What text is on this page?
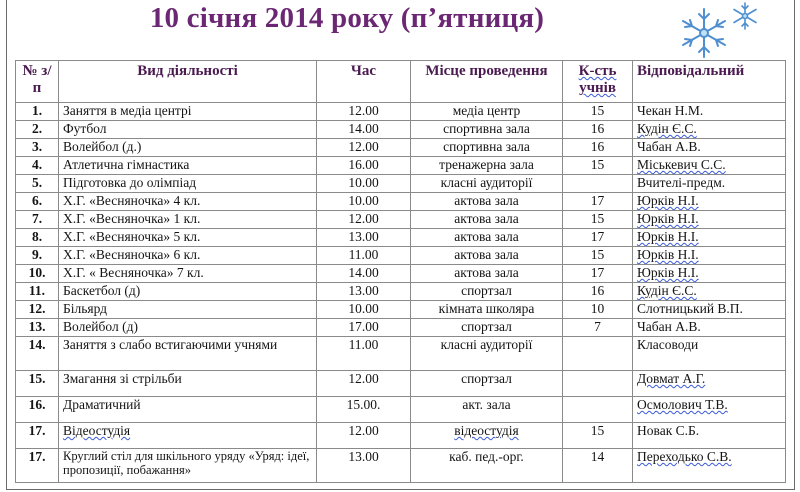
10 січня 2014 року (п’ятниця)
№ з/п	Вид діяльності	Час	Місце проведення	К-сть учнів	Відповідальний
1.	Заняття в медіа центрі	12.00	медіа центр	15	Чекан Н.М.
2.	Футбол	14.00	спортивна зала	16	Кудін Є.С.
3.	Волейбол (д.)	12.00	спортивна зала	16	Чабан А.В.
4.	Атлетична гімнастика	16.00	тренажерна зала	15	Міськевич С.С.
5.	Підготовка до олімпіад	10.00	класні аудиторії		Вчителі-предм.
6.	Х.Г. «Весняночка» 4 кл.	10.00	актова зала	17	Юрків Н.І.
7.	Х.Г. «Весняночка» 1 кл.	12.00	актова зала	15	Юрків Н.І.
8.	Х.Г. «Весняночка» 5 кл.	13.00	актова зала	17	Юрків Н.І.
9.	Х.Г. «Весняночка» 6 кл.	11.00	актова зала	15	Юрків Н.І.
10.	Х.Г. « Весняночка» 7 кл.	14.00	актова зала	17	Юрків Н.І.
11.	Баскетбол (д)	13.00	спортзал	16	Кудін Є.С.
12.	Більярд	10.00	кімната школяра	10	Слотницький В.П.
13.	Волейбол (д)	17.00	спортзал	7	Чабан А.В.
14.	Заняття з слабо встигаючими учнями	11.00	класні аудиторії		Класоводи
15.	Змагання зі стрільби	12.00	спортзал		Довмат А.Г.
16.	Драматичний	15.00.	акт. зала		Осмолович Т.В.
17.	Відеостудія	12.00	відеостудія	15	Новак С.Б.
17.	Круглий стіл для шкільного уряду «Уряд: ідеї, пропозиції, побажання»	13.00	каб. пед.-орг.	14	Переходько С.В.
